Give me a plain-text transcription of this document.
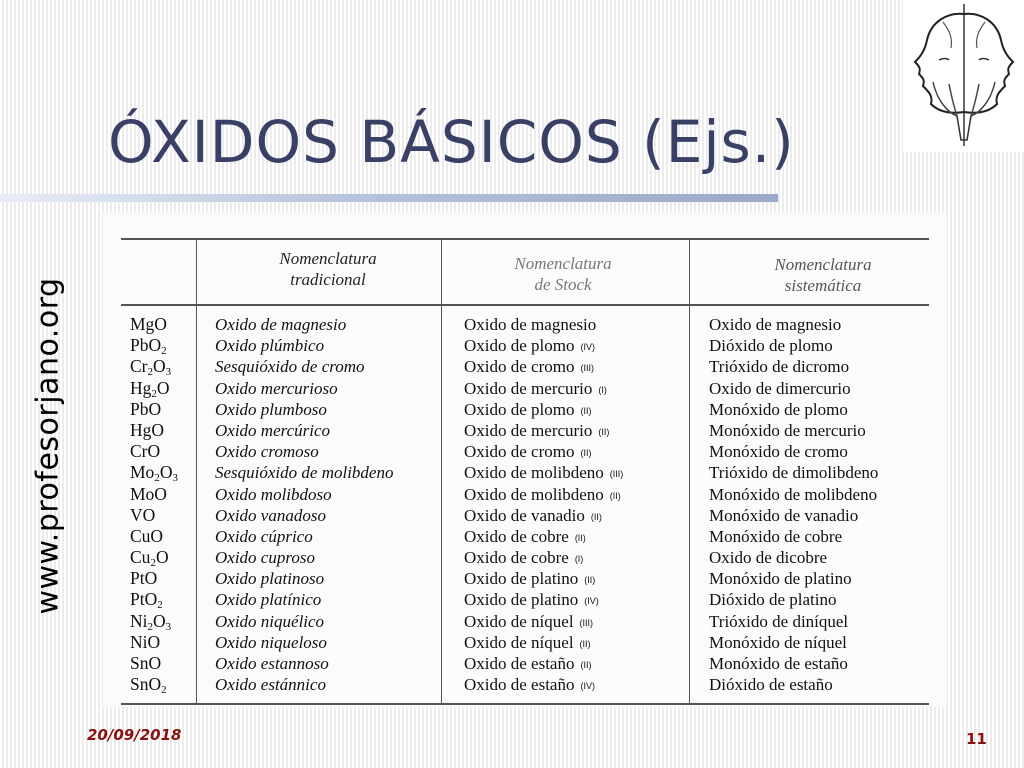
ÓXIDOS BÁSICOS (Ejs.)
www.profesorjano.org
Nomenclatura
tradicional
Nomenclatura
de Stock
Nomenclatura
sistemática
MgO
PbO$_2$
$Cr_2O_3$
$Hg_2O$
PbO
HgO
CrO
$Mo_2O_3$
MoO
VO
CuO
$Cu_2O$
PtO
PtO$_2$
$Ni_2O_3$
NiO
SnO
SnO$_2$
Oxido de magnesio
Oxido plúmbico
Sesquióxido de cromo
Oxido mercurioso
Oxido plumboso
Oxido mercúrico
Oxido cromoso
Sesquióxido de molibdeno
Oxido molibdoso
Oxido vanadoso
Oxido cúprico
Oxido cuproso
Oxido platinoso
Oxido platínico
Oxido niquélico
Oxido niqueloso
Oxido estannoso
Oxido estánnico
Oxido de magnesio
Oxido de plomo (IV)
Oxido de cromo (III)
Oxido de mercurio (I)
Oxido de plomo (II)
Oxido de mercurio (II)
Oxido de cromo (II)
Oxido de molibdeno (III)
Oxido de molibdeno (II)
Oxido de vanadio (II)
Oxido de cobre (II)
Oxido de cobre (I)
Oxido de platino (II)
Oxido de platino (IV)
Oxido de níquel (III)
Oxido de níquel (II)
Oxido de estaño (II)
Oxido de estaño (IV)
Oxido de magnesio
Dióxido de plomo
Trióxido de dicromo
Oxido de dimercurio
Monóxido de plomo
Monóxido de mercurio
Monóxido de cromo
Trióxido de dimolibdeno
Monóxido de molibdeno
Monóxido de vanadio
Monóxido de cobre
Oxido de dicobre
Monóxido de platino
Dióxido de platino
Trióxido de diníquel
Monóxido de níquel
Monóxido de estaño
Dióxido de estaño
20/09/2018	11
